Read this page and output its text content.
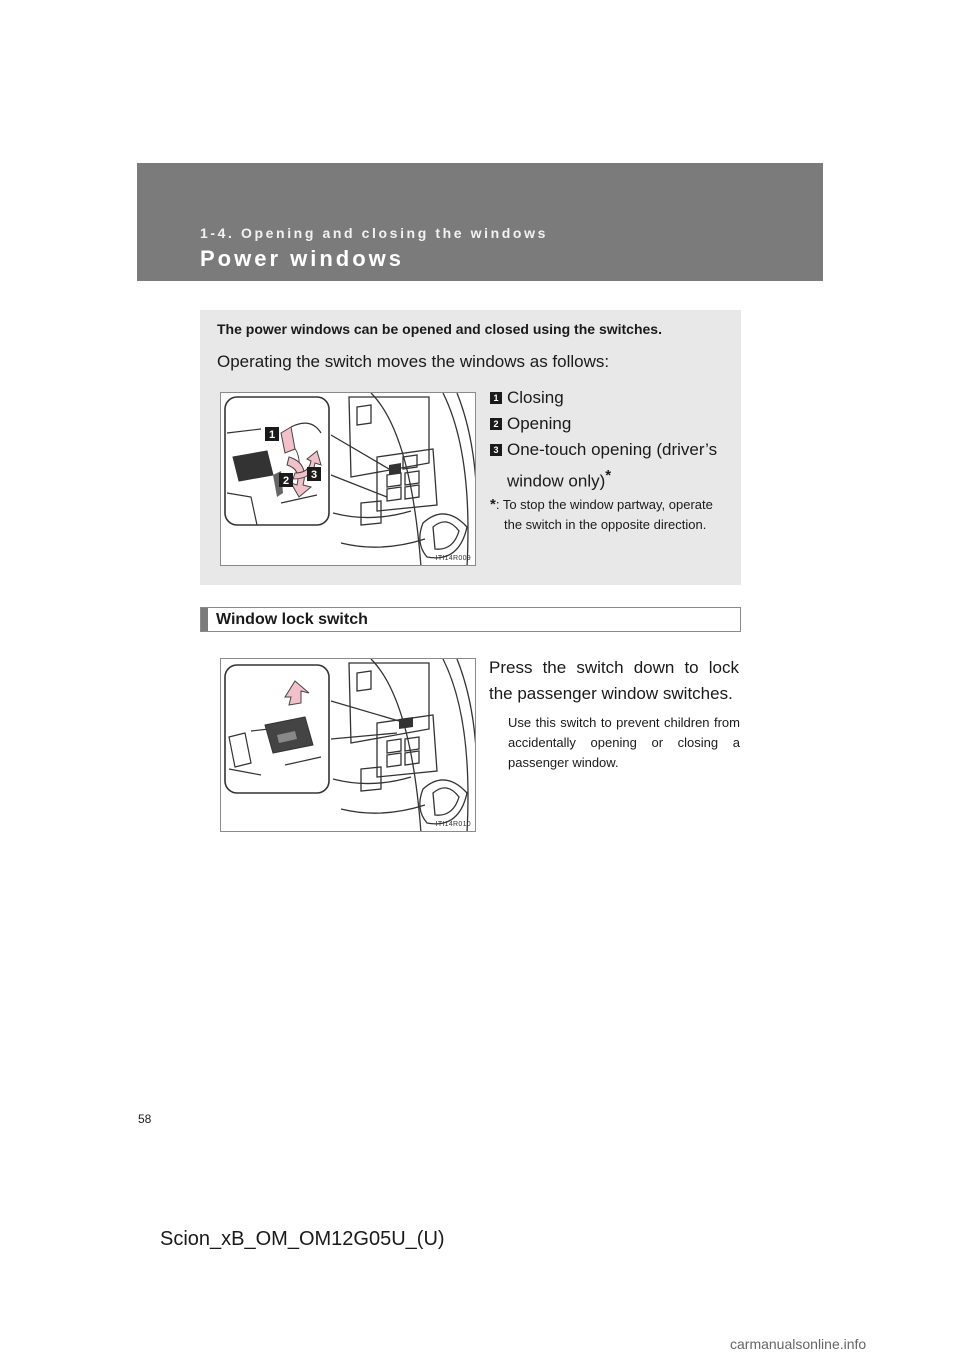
1-4. Opening and closing the windows
Power windows
The power windows can be opened and closed using the switches.
Operating the switch moves the windows as follows:
1
2 3
ITI14R009
1 Closing
2 Opening
3 One-touch opening (driver’s window only)*
*: To stop the window partway, operate the switch in the opposite direction.
Window lock switch
ITI14R010
Press the switch down to lock the passenger window switches.
Use this switch to prevent children from accidentally opening or closing a passenger window.
58
Scion_xB_OM_OM12G05U_(U)
carmanualsonline.info
